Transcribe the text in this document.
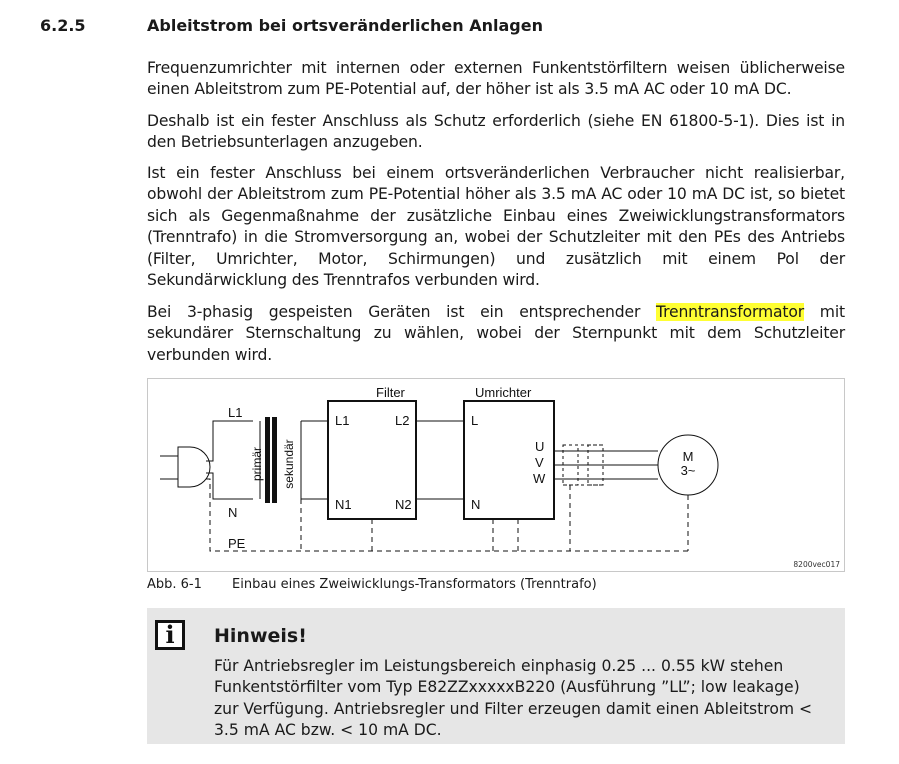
6.2.5	Ableitstrom bei ortsveränderlichen Anlagen

Frequenzumrichter mit internen oder externen Funkentstörfiltern weisen üblicherweise einen Ableitstrom zum PE-Potential auf, der höher ist als 3.5 mA AC oder 10 mA DC.

Deshalb ist ein fester Anschluss als Schutz erforderlich (siehe EN 61800-5-1). Dies ist in den Betriebsunterlagen anzugeben.

Ist ein fester Anschluss bei einem ortsveränderlichen Verbraucher nicht realisierbar, obwohl der Ableitstrom zum PE-Potential höher als 3.5 mA AC oder 10 mA DC ist, so bietet sich als Gegenmaßnahme der zusätzliche Einbau eines Zweiwicklungstransformators (Trenntrafo) in die Stromversorgung an, wobei der Schutzleiter mit den PEs des Antriebs (Filter, Umrichter, Motor, Schirmungen) und zusätzlich mit einem Pol der Sekundärwicklung des Trenntrafos verbunden wird.

Bei 3-phasig gespeisten Geräten ist ein entsprechender Trenntransformator mit sekundärer Sternschaltung zu wählen, wobei der Sternpunkt mit dem Schutzleiter verbunden wird.

Filter	Umrichter
L1
N
PE
primär sekundär
L1	L2
N1	N2
L
N
U
V
W
M
3~
8200vec017
Abb. 6-1 Einbau eines Zweiwicklungs-Transformators (Trenntrafo)
i	Hinweis!

Für Antriebsregler im Leistungsbereich einphasig 0.25 ... 0.55 kW stehen Funkentstörfilter vom Typ E82ZZxxxxxB220 (Ausführung ”LL”; low leakage) zur Verfügung. Antriebsregler und Filter erzeugen damit einen Ableitstrom < 3.5 mA AC bzw. < 10 mA DC.
